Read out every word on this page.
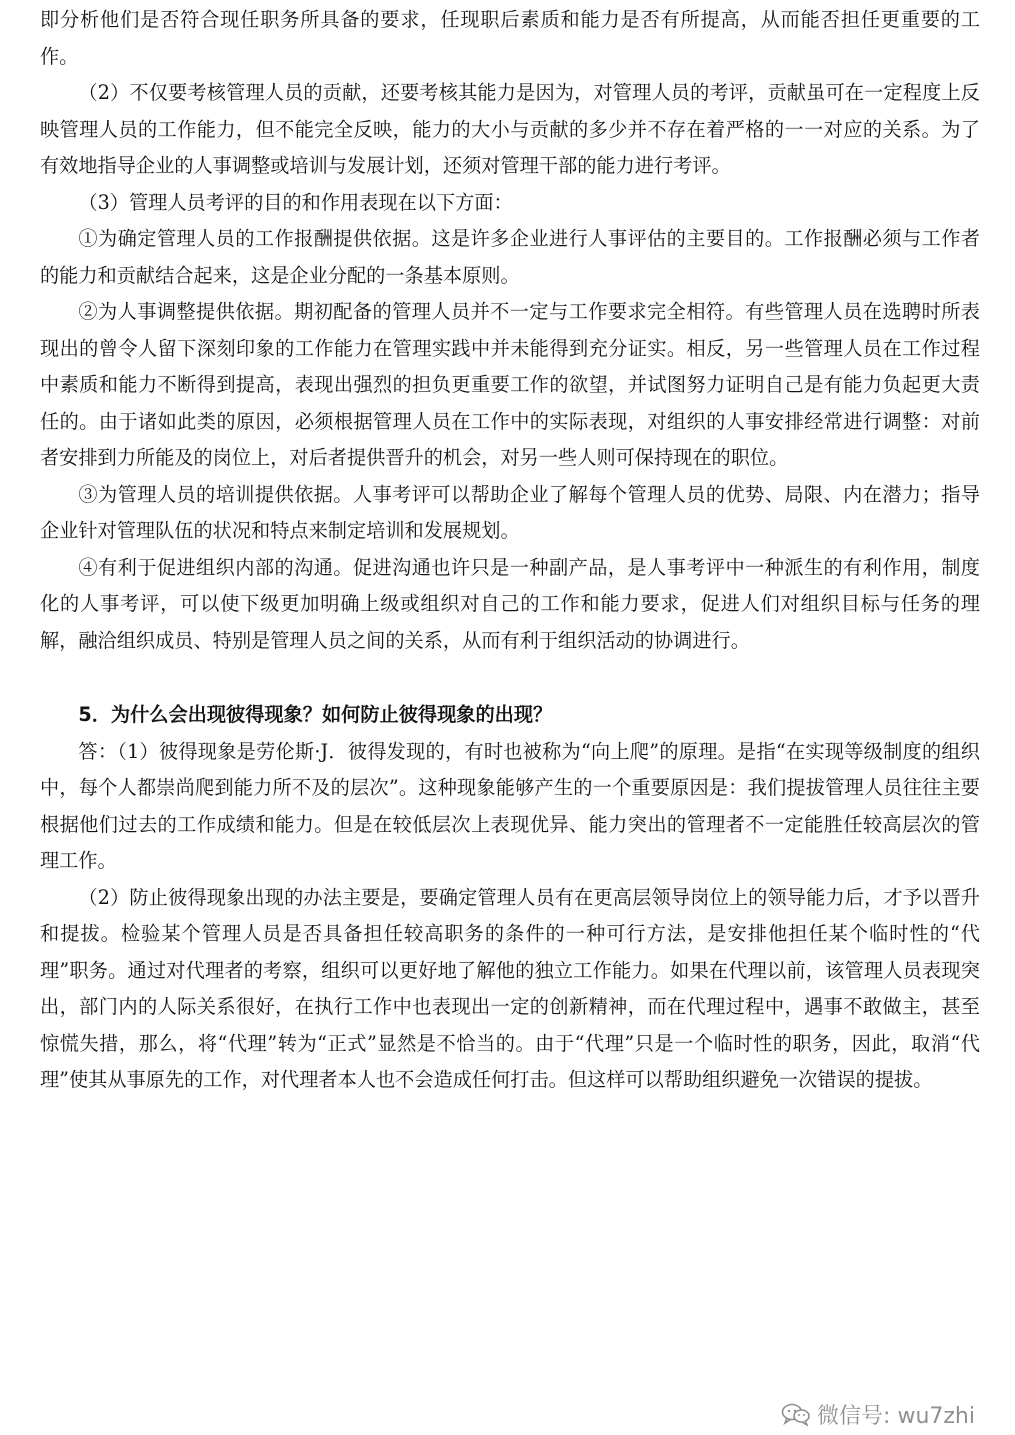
即分析他们是否符合现任职务所具备的要求，任现职后素质和能力是否有所提高，从而能否担任更重要的工作。

（2）不仅要考核管理人员的贡献，还要考核其能力是因为，对管理人员的考评，贡献虽可在一定程度上反映管理人员的工作能力，但不能完全反映，能力的大小与贡献的多少并不存在着严格的一一对应的关系。为了有效地指导企业的人事调整或培训与发展计划，还须对管理干部的能力进行考评。

（3）管理人员考评的目的和作用表现在以下方面：

①为确定管理人员的工作报酬提供依据。这是许多企业进行人事评估的主要目的。工作报酬必须与工作者的能力和贡献结合起来，这是企业分配的一条基本原则。

②为人事调整提供依据。期初配备的管理人员并不一定与工作要求完全相符。有些管理人员在选聘时所表现出的曾令人留下深刻印象的工作能力在管理实践中并未能得到充分证实。相反，另一些管理人员在工作过程中素质和能力不断得到提高，表现出强烈的担负更重要工作的欲望，并试图努力证明自己是有能力负起更大责任的。由于诸如此类的原因，必须根据管理人员在工作中的实际表现，对组织的人事安排经常进行调整：对前者安排到力所能及的岗位上，对后者提供晋升的机会，对另一些人则可保持现在的职位。

③为管理人员的培训提供依据。人事考评可以帮助企业了解每个管理人员的优势、局限、内在潜力；指导企业针对管理队伍的状况和特点来制定培训和发展规划。

④有利于促进组织内部的沟通。促进沟通也许只是一种副产品，是人事考评中一种派生的有利作用，制度化的人事考评，可以使下级更加明确上级或组织对自己的工作和能力要求，促进人们对组织目标与任务的理解，融洽组织成员、特别是管理人员之间的关系，从而有利于组织活动的协调进行。

5．为什么会出现彼得现象？如何防止彼得现象的出现？

答：（1）彼得现象是劳伦斯·J．彼得发现的，有时也被称为“向上爬”的原理。是指“在实现等级制度的组织中，每个人都崇尚爬到能力所不及的层次”。这种现象能够产生的一个重要原因是：我们提拔管理人员往往主要根据他们过去的工作成绩和能力。但是在较低层次上表现优异、能力突出的管理者不一定能胜任较高层次的管理工作。

（2）防止彼得现象出现的办法主要是，要确定管理人员有在更高层领导岗位上的领导能力后，才予以晋升和提拔。检验某个管理人员是否具备担任较高职务的条件的一种可行方法，是安排他担任某个临时性的“代理”职务。通过对代理者的考察，组织可以更好地了解他的独立工作能力。如果在代理以前，该管理人员表现突出，部门内的人际关系很好，在执行工作中也表现出一定的创新精神，而在代理过程中，遇事不敢做主，甚至惊慌失措，那么，将“代理”转为“正式”显然是不恰当的。由于“代理”只是一个临时性的职务，因此，取消“代理”使其从事原先的工作，对代理者本人也不会造成任何打击。但这样可以帮助组织避免一次错误的提拔。

微信号: wu7zhi
